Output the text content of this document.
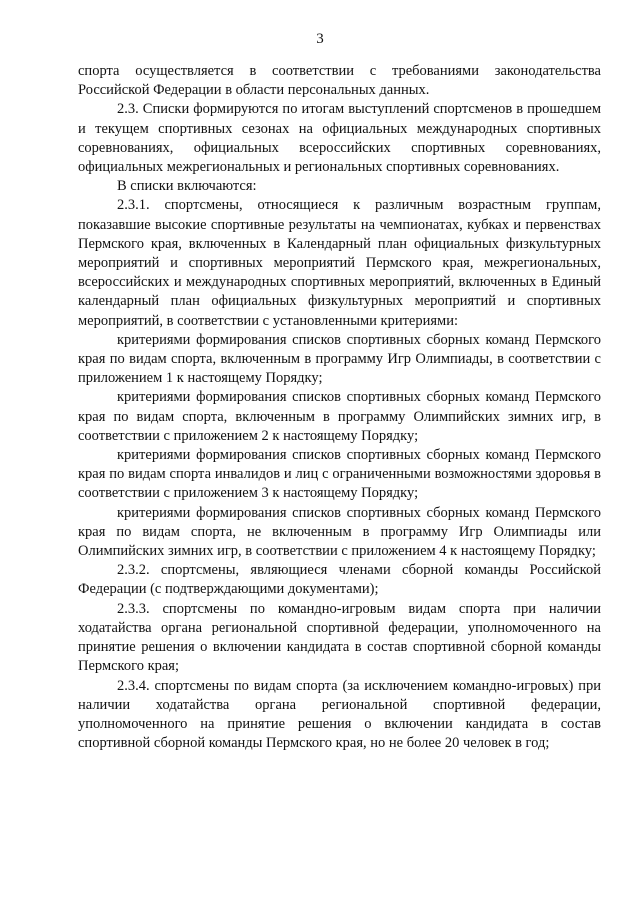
3

спорта осуществляется в соответствии с требованиями законодательства Российской Федерации в области персональных данных.

2.3. Списки формируются по итогам выступлений спортсменов в прошедшем и текущем спортивных сезонах на официальных международных спортивных соревнованиях, официальных всероссийских спортивных соревнованиях, официальных межрегиональных и региональных спортивных соревнованиях.

В списки включаются:

2.3.1. спортсмены, относящиеся к различным возрастным группам, показавшие высокие спортивные результаты на чемпионатах, кубках и первенствах Пермского края, включенных в Календарный план официальных физкультурных мероприятий и спортивных мероприятий Пермского края, межрегиональных, всероссийских и международных спортивных мероприятий, включенных в Единый календарный план официальных физкультурных мероприятий и спортивных мероприятий, в соответствии с установленными критериями:

критериями формирования списков спортивных сборных команд Пермского края по видам спорта, включенным в программу Игр Олимпиады, в соответствии с приложением 1 к настоящему Порядку;

критериями формирования списков спортивных сборных команд Пермского края по видам спорта, включенным в программу Олимпийских зимних игр, в соответствии с приложением 2 к настоящему Порядку;

критериями формирования списков спортивных сборных команд Пермского края по видам спорта инвалидов и лиц с ограниченными возможностями здоровья в соответствии с приложением 3 к настоящему Порядку;

критериями формирования списков спортивных сборных команд Пермского края по видам спорта, не включенным в программу Игр Олимпиады или Олимпийских зимних игр, в соответствии с приложением 4 к настоящему Порядку;

2.3.2. спортсмены, являющиеся членами сборной команды Российской Федерации (с подтверждающими документами);

2.3.3. спортсмены по командно-игровым видам спорта при наличии ходатайства органа региональной спортивной федерации, уполномоченного на принятие решения о включении кандидата в состав спортивной сборной команды Пермского края;

2.3.4. спортсмены по видам спорта (за исключением командно-игровых) при наличии ходатайства органа региональной спортивной федерации, уполномоченного на принятие решения о включении кандидата в состав спортивной сборной команды Пермского края, но не более 20 человек в год;
